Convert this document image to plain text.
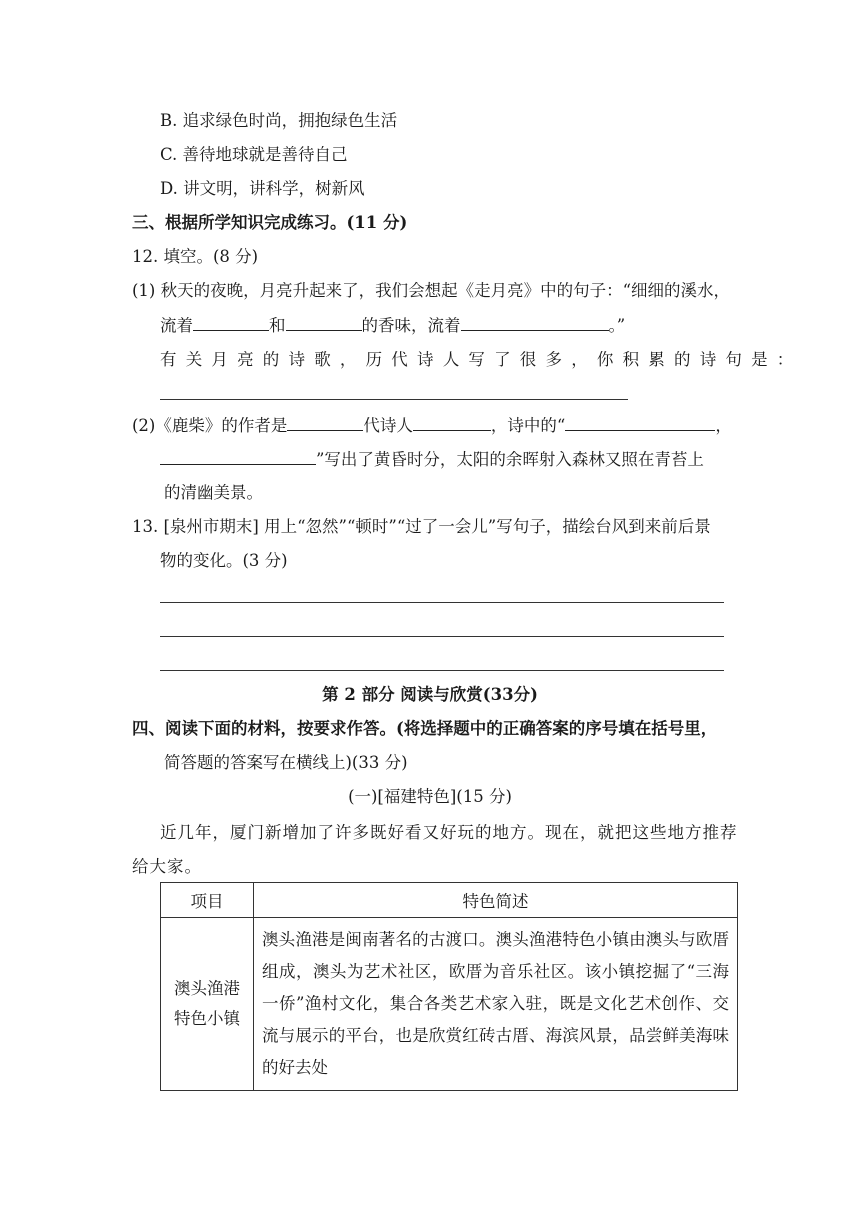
B. 追求绿色时尚，拥抱绿色生活
C. 善待地球就是善待自己
D. 讲文明，讲科学，树新风
三、根据所学知识完成练习。(11 分)
12. 填空。(8 分)
(1) 秋天的夜晚，月亮升起来了，我们会想起《走月亮》中的句子：“细细的溪水，
流着	和	的香味，流着	。”
有关月亮的诗歌，历代诗人写了很多，你积累的诗句是：
(2)《鹿柴》的作者是	代诗人	，诗中的“	，
”写出了黄昏时分，太阳的余晖射入森林又照在青苔上
的清幽美景。
13. [泉州市期末] 用上“忽然”“顿时”“过了一会儿”写句子，描绘台风到来前后景
物的变化。(3 分)
第 2 部分 阅读与欣赏(33分)
四、阅读下面的材料，按要求作答。(将选择题中的正确答案的序号填在括号里，
简答题的答案写在横线上)(33 分)
(一)[福建特色](15 分)
近几年，厦门新增加了许多既好看又好玩的地方。现在，就把这些地方推荐
给大家。
项目	特色简述

澳头渔港
特色小镇	澳头渔港是闽南著名的古渡口。澳头渔港特色小镇由澳头与欧厝组成，澳头为艺术社区，欧厝为音乐社区。该小镇挖掘了“三海一侨”渔村文化，集合各类艺术家入驻，既是文化艺术创作、交流与展示的平台，也是欣赏红砖古厝、海滨风景，品尝鲜美海味的好去处
